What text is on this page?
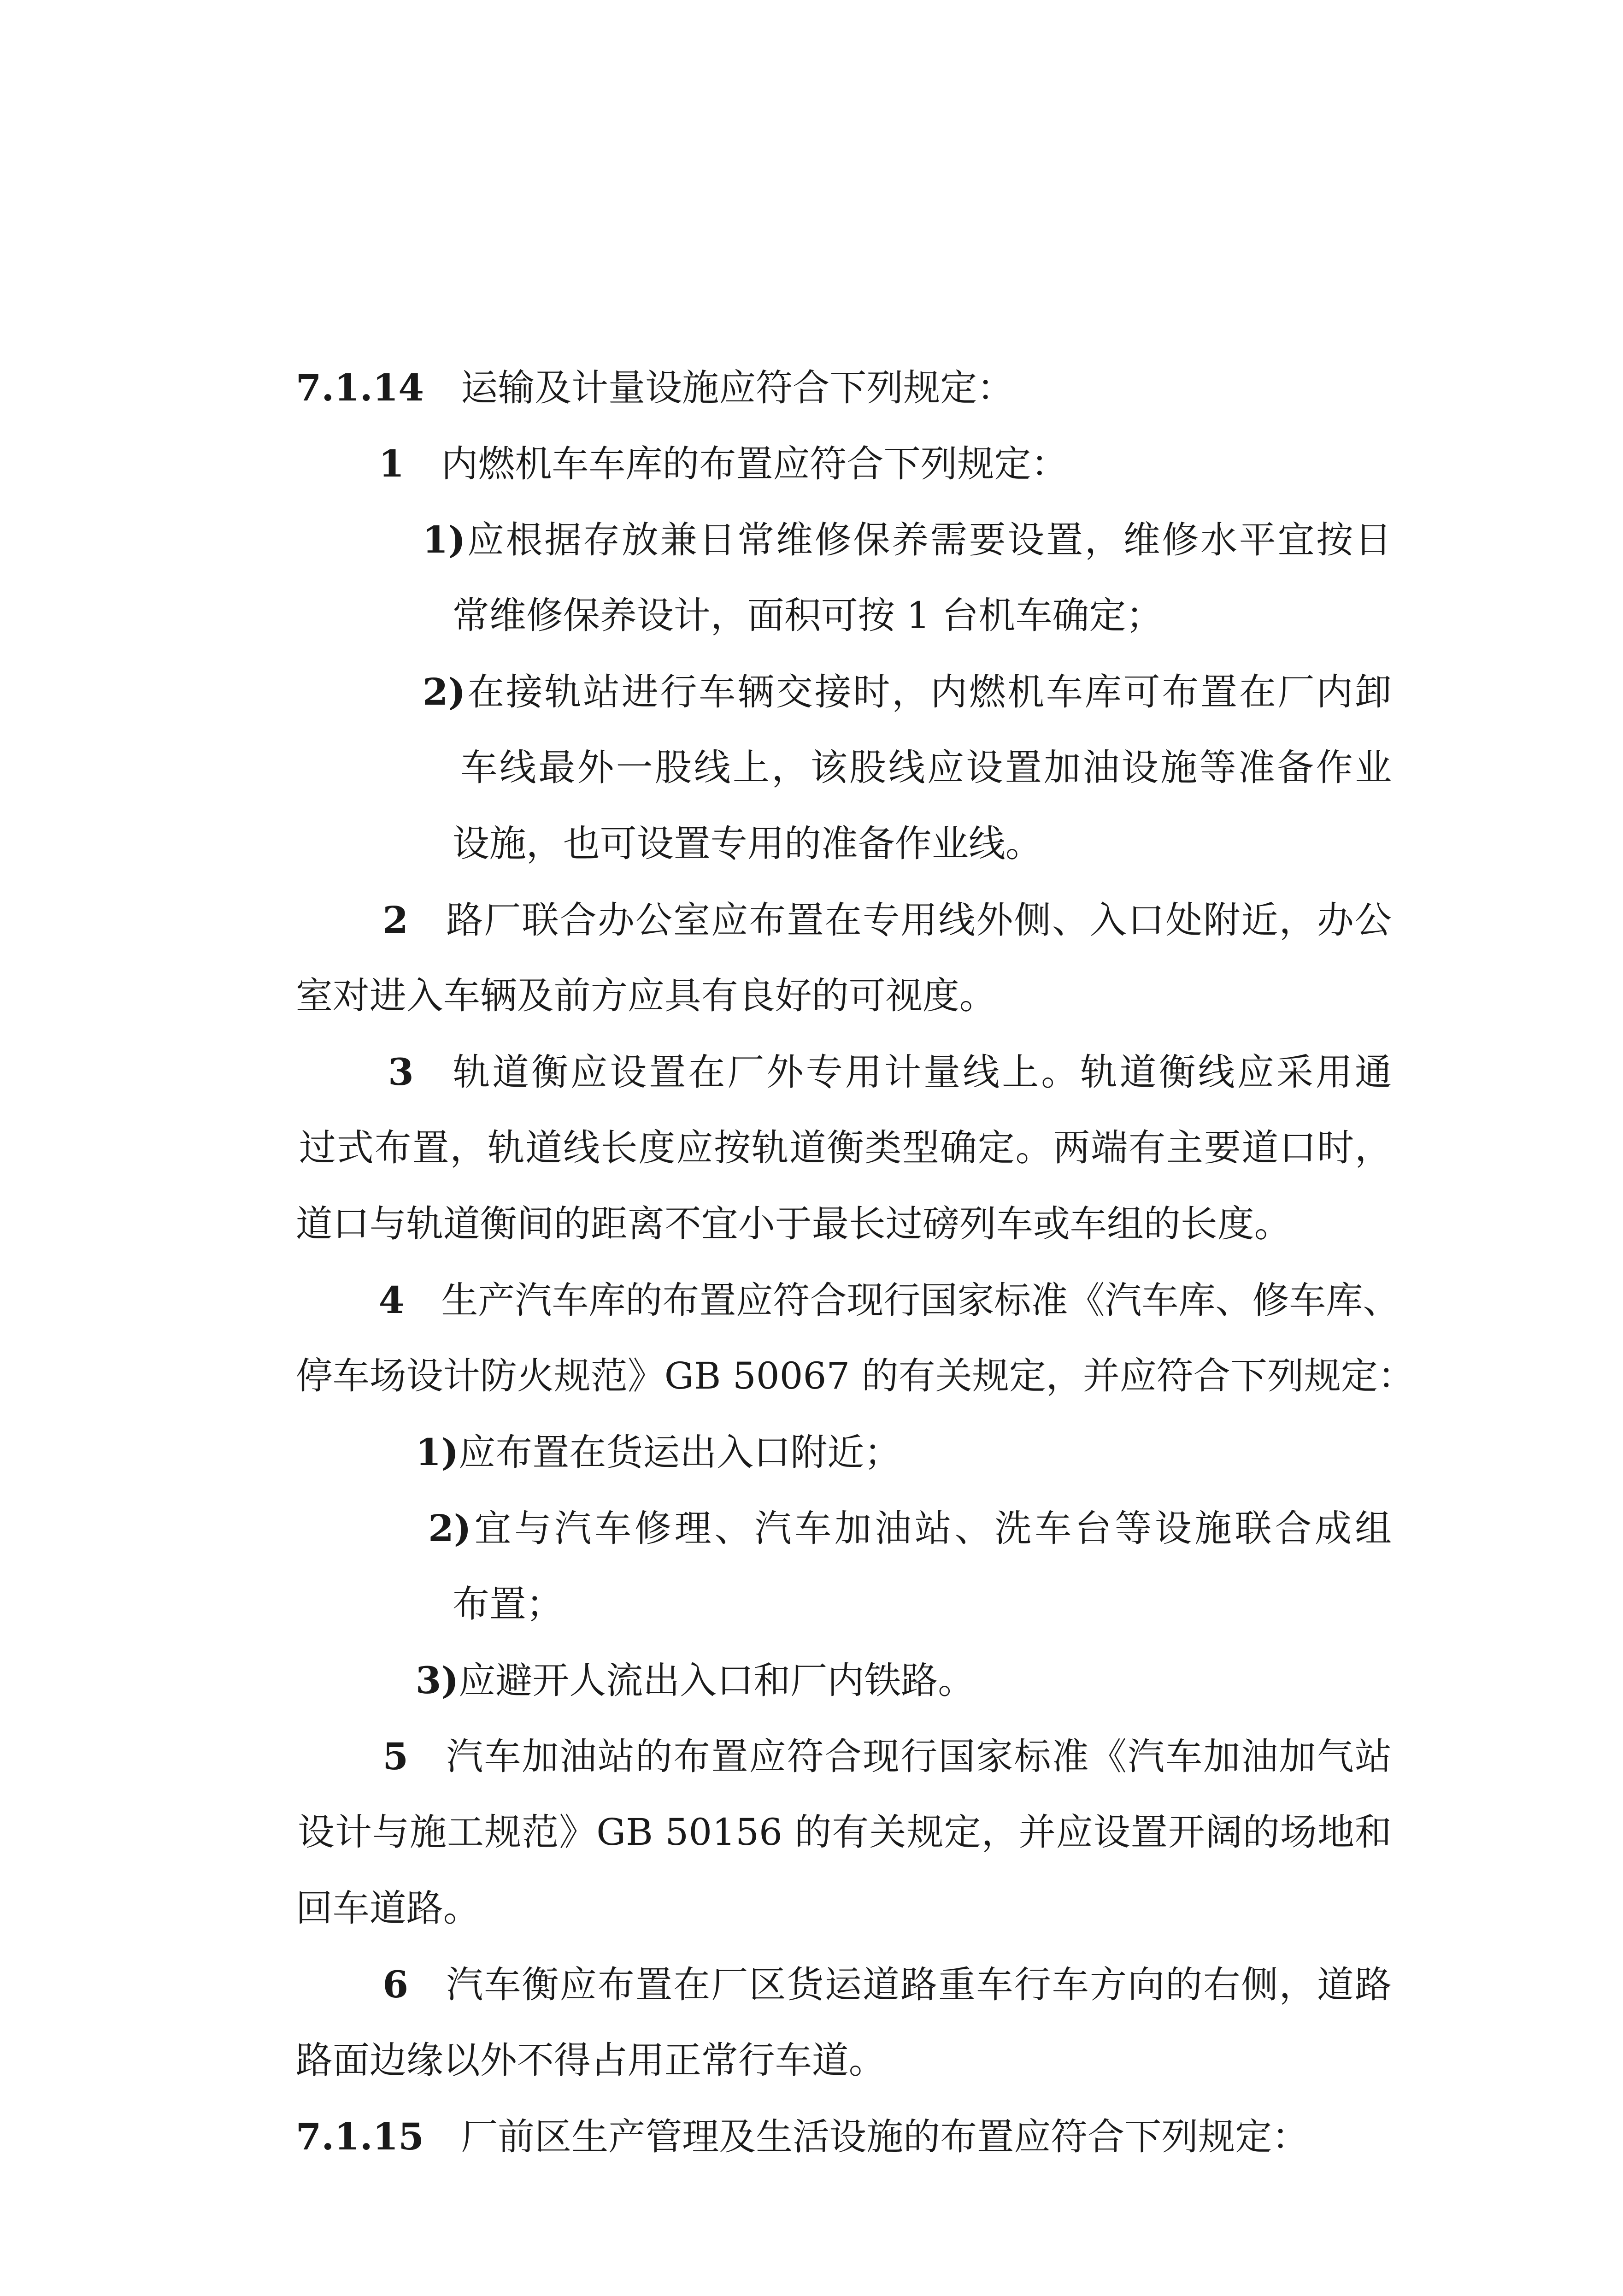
7.1.14 运输及计量设施应符合下列规定：

1 内燃机车车库的布置应符合下列规定：

1)应根据存放兼日常维修保养需要设置，维修水平宜按日

常维修保养设计，面积可按 1 台机车确定；

2)在接轨站进行车辆交接时，内燃机车库可布置在厂内卸

车线最外一股线上，该股线应设置加油设施等准备作业

设施，也可设置专用的准备作业线。

2 路厂联合办公室应布置在专用线外侧、入口处附近，办公

室对进入车辆及前方应具有良好的可视度。

3 轨道衡应设置在厂外专用计量线上。轨道衡线应采用通

过式布置，轨道线长度应按轨道衡类型确定。两端有主要道口时，

道口与轨道衡间的距离不宜小于最长过磅列车或车组的长度。

4 生产汽车库的布置应符合现行国家标准《汽车库、修车库、

停车场设计防火规范》GB 50067 的有关规定，并应符合下列规定：

1)应布置在货运出入口附近；

2)宜与汽车修理、汽车加油站、洗车台等设施联合成组

布置；

3)应避开人流出入口和厂内铁路。

5 汽车加油站的布置应符合现行国家标准《汽车加油加气站

设计与施工规范》GB 50156 的有关规定，并应设置开阔的场地和

回车道路。

6 汽车衡应布置在厂区货运道路重车行车方向的右侧，道路

路面边缘以外不得占用正常行车道。

7.1.15 厂前区生产管理及生活设施的布置应符合下列规定：
